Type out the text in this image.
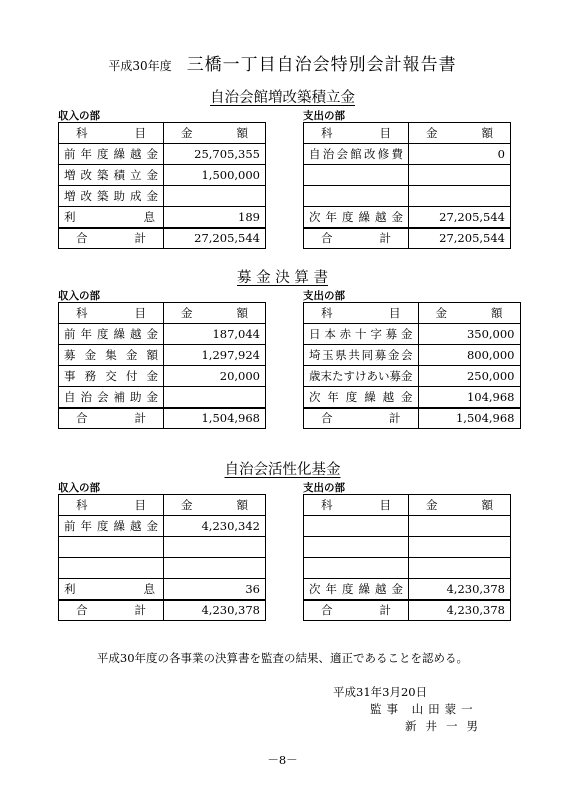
平成30年度 三橋一丁目自治会特別会計報告書
自治会館増改築積立金
収入の部	支出の部
科 目	金 額

前年度繰越金	25,705,355
増改築積立金	1,500,000
増改築助成金	
利息	189

合 計	27,205,544
科 目	金 額

自治会館改修費	0

次年度繰越金	27,205,544

合 計	27,205,544
募 金 決 算 書
収入の部	支出の部
科 目	金 額

前年度繰越金	187,044
募金集金額	1,297,924
事務交付金	20,000
自治会補助金	

合 計	1,504,968
科 目	金 額

日本赤十字募金	350,000
埼玉県共同募金会	800,000
歳末たすけあい募金	250,000
次年度繰越金	104,968

合 計	1,504,968
自治会活性化基金
収入の部	支出の部
科 目	金 額

前年度繰越金	4,230,342

利息	36

合 計	4,230,378
科 目	金 額

次年度繰越金	4,230,378

合 計	4,230,378
平成30年度の各事業の決算書を監査の結果、適正であることを認める。
平成31年3月20日
監事 山田蒙一
新井一男
－8－
